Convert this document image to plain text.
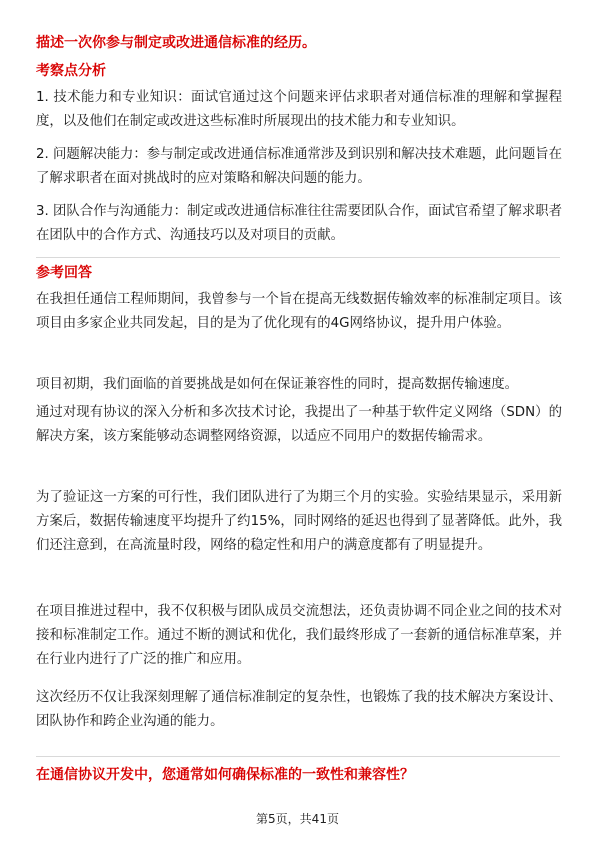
描述一次你参与制定或改进通信标准的经历。
考察点分析
1. 技术能力和专业知识：面试官通过这个问题来评估求职者对通信标准的理解和掌握程度，以及他们在制定或改进这些标准时所展现出的技术能力和专业知识。
2. 问题解决能力：参与制定或改进通信标准通常涉及到识别和解决技术难题，此问题旨在了解求职者在面对挑战时的应对策略和解决问题的能力。
3. 团队合作与沟通能力：制定或改进通信标准往往需要团队合作，面试官希望了解求职者在团队中的合作方式、沟通技巧以及对项目的贡献。
参考回答
在我担任通信工程师期间，我曾参与一个旨在提高无线数据传输效率的标准制定项目。该项目由多家企业共同发起，目的是为了优化现有的4G网络协议，提升用户体验。
项目初期，我们面临的首要挑战是如何在保证兼容性的同时，提高数据传输速度。
通过对现有协议的深入分析和多次技术讨论，我提出了一种基于软件定义网络（SDN）的解决方案，该方案能够动态调整网络资源，以适应不同用户的数据传输需求。
为了验证这一方案的可行性，我们团队进行了为期三个月的实验。实验结果显示，采用新方案后，数据传输速度平均提升了约15%，同时网络的延迟也得到了显著降低。此外，我们还注意到，在高流量时段，网络的稳定性和用户的满意度都有了明显提升。
在项目推进过程中，我不仅积极与团队成员交流想法，还负责协调不同企业之间的技术对接和标准制定工作。通过不断的测试和优化，我们最终形成了一套新的通信标准草案，并在行业内进行了广泛的推广和应用。
这次经历不仅让我深刻理解了通信标准制定的复杂性，也锻炼了我的技术解决方案设计、团队协作和跨企业沟通的能力。
在通信协议开发中，您通常如何确保标准的一致性和兼容性？
第5页，共41页
